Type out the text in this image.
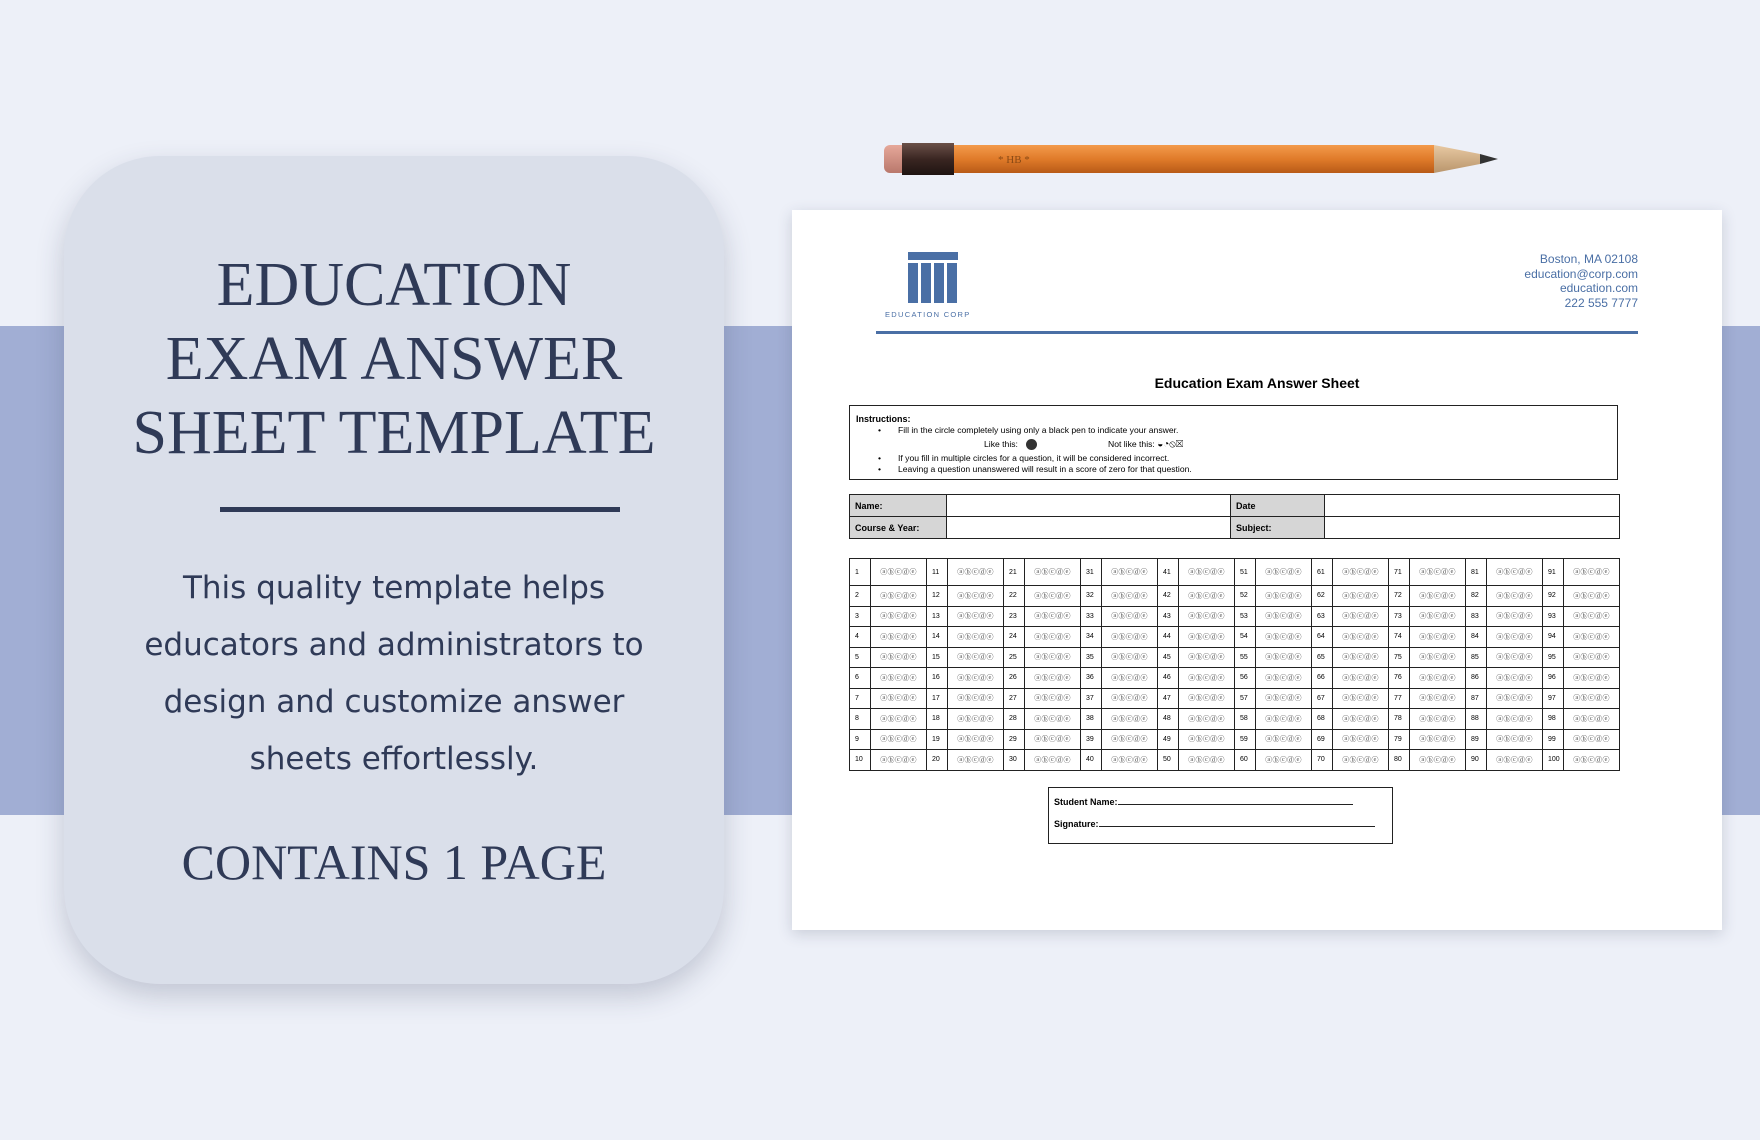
EDUCATION
EXAM ANSWER
SHEET TEMPLATE
This quality template helps educators and administrators to design and customize answer sheets effortlessly.
CONTAINS 1 PAGE
* HB *
EDUCATION CORP
Boston, MA 02108
education@corp.com
education.com
222 555 7777
Education Exam Answer Sheet
Instructions:
• Fill in the circle completely using only a black pen to indicate your answer.
Like this:	Not like this: ◒◔⦸☒
• If you fill in multiple circles for a question, it will be considered incorrect.
• Leaving a question unanswered will result in a score of zero for that question.
Name:		Date	
Course & Year:		Subject:	
1	ⓐⓑⓒⓓⓔ	11	ⓐⓑⓒⓓⓔ	21	ⓐⓑⓒⓓⓔ	31	ⓐⓑⓒⓓⓔ	41	ⓐⓑⓒⓓⓔ	51	ⓐⓑⓒⓓⓔ	61	ⓐⓑⓒⓓⓔ	71	ⓐⓑⓒⓓⓔ	81	ⓐⓑⓒⓓⓔ	91	ⓐⓑⓒⓓⓔ
2	ⓐⓑⓒⓓⓔ	12	ⓐⓑⓒⓓⓔ	22	ⓐⓑⓒⓓⓔ	32	ⓐⓑⓒⓓⓔ	42	ⓐⓑⓒⓓⓔ	52	ⓐⓑⓒⓓⓔ	62	ⓐⓑⓒⓓⓔ	72	ⓐⓑⓒⓓⓔ	82	ⓐⓑⓒⓓⓔ	92	ⓐⓑⓒⓓⓔ
3	ⓐⓑⓒⓓⓔ	13	ⓐⓑⓒⓓⓔ	23	ⓐⓑⓒⓓⓔ	33	ⓐⓑⓒⓓⓔ	43	ⓐⓑⓒⓓⓔ	53	ⓐⓑⓒⓓⓔ	63	ⓐⓑⓒⓓⓔ	73	ⓐⓑⓒⓓⓔ	83	ⓐⓑⓒⓓⓔ	93	ⓐⓑⓒⓓⓔ
4	ⓐⓑⓒⓓⓔ	14	ⓐⓑⓒⓓⓔ	24	ⓐⓑⓒⓓⓔ	34	ⓐⓑⓒⓓⓔ	44	ⓐⓑⓒⓓⓔ	54	ⓐⓑⓒⓓⓔ	64	ⓐⓑⓒⓓⓔ	74	ⓐⓑⓒⓓⓔ	84	ⓐⓑⓒⓓⓔ	94	ⓐⓑⓒⓓⓔ
5	ⓐⓑⓒⓓⓔ	15	ⓐⓑⓒⓓⓔ	25	ⓐⓑⓒⓓⓔ	35	ⓐⓑⓒⓓⓔ	45	ⓐⓑⓒⓓⓔ	55	ⓐⓑⓒⓓⓔ	65	ⓐⓑⓒⓓⓔ	75	ⓐⓑⓒⓓⓔ	85	ⓐⓑⓒⓓⓔ	95	ⓐⓑⓒⓓⓔ
6	ⓐⓑⓒⓓⓔ	16	ⓐⓑⓒⓓⓔ	26	ⓐⓑⓒⓓⓔ	36	ⓐⓑⓒⓓⓔ	46	ⓐⓑⓒⓓⓔ	56	ⓐⓑⓒⓓⓔ	66	ⓐⓑⓒⓓⓔ	76	ⓐⓑⓒⓓⓔ	86	ⓐⓑⓒⓓⓔ	96	ⓐⓑⓒⓓⓔ
7	ⓐⓑⓒⓓⓔ	17	ⓐⓑⓒⓓⓔ	27	ⓐⓑⓒⓓⓔ	37	ⓐⓑⓒⓓⓔ	47	ⓐⓑⓒⓓⓔ	57	ⓐⓑⓒⓓⓔ	67	ⓐⓑⓒⓓⓔ	77	ⓐⓑⓒⓓⓔ	87	ⓐⓑⓒⓓⓔ	97	ⓐⓑⓒⓓⓔ
8	ⓐⓑⓒⓓⓔ	18	ⓐⓑⓒⓓⓔ	28	ⓐⓑⓒⓓⓔ	38	ⓐⓑⓒⓓⓔ	48	ⓐⓑⓒⓓⓔ	58	ⓐⓑⓒⓓⓔ	68	ⓐⓑⓒⓓⓔ	78	ⓐⓑⓒⓓⓔ	88	ⓐⓑⓒⓓⓔ	98	ⓐⓑⓒⓓⓔ
9	ⓐⓑⓒⓓⓔ	19	ⓐⓑⓒⓓⓔ	29	ⓐⓑⓒⓓⓔ	39	ⓐⓑⓒⓓⓔ	49	ⓐⓑⓒⓓⓔ	59	ⓐⓑⓒⓓⓔ	69	ⓐⓑⓒⓓⓔ	79	ⓐⓑⓒⓓⓔ	89	ⓐⓑⓒⓓⓔ	99	ⓐⓑⓒⓓⓔ
10	ⓐⓑⓒⓓⓔ	20	ⓐⓑⓒⓓⓔ	30	ⓐⓑⓒⓓⓔ	40	ⓐⓑⓒⓓⓔ	50	ⓐⓑⓒⓓⓔ	60	ⓐⓑⓒⓓⓔ	70	ⓐⓑⓒⓓⓔ	80	ⓐⓑⓒⓓⓔ	90	ⓐⓑⓒⓓⓔ	100	ⓐⓑⓒⓓⓔ
Student Name:
Signature:
